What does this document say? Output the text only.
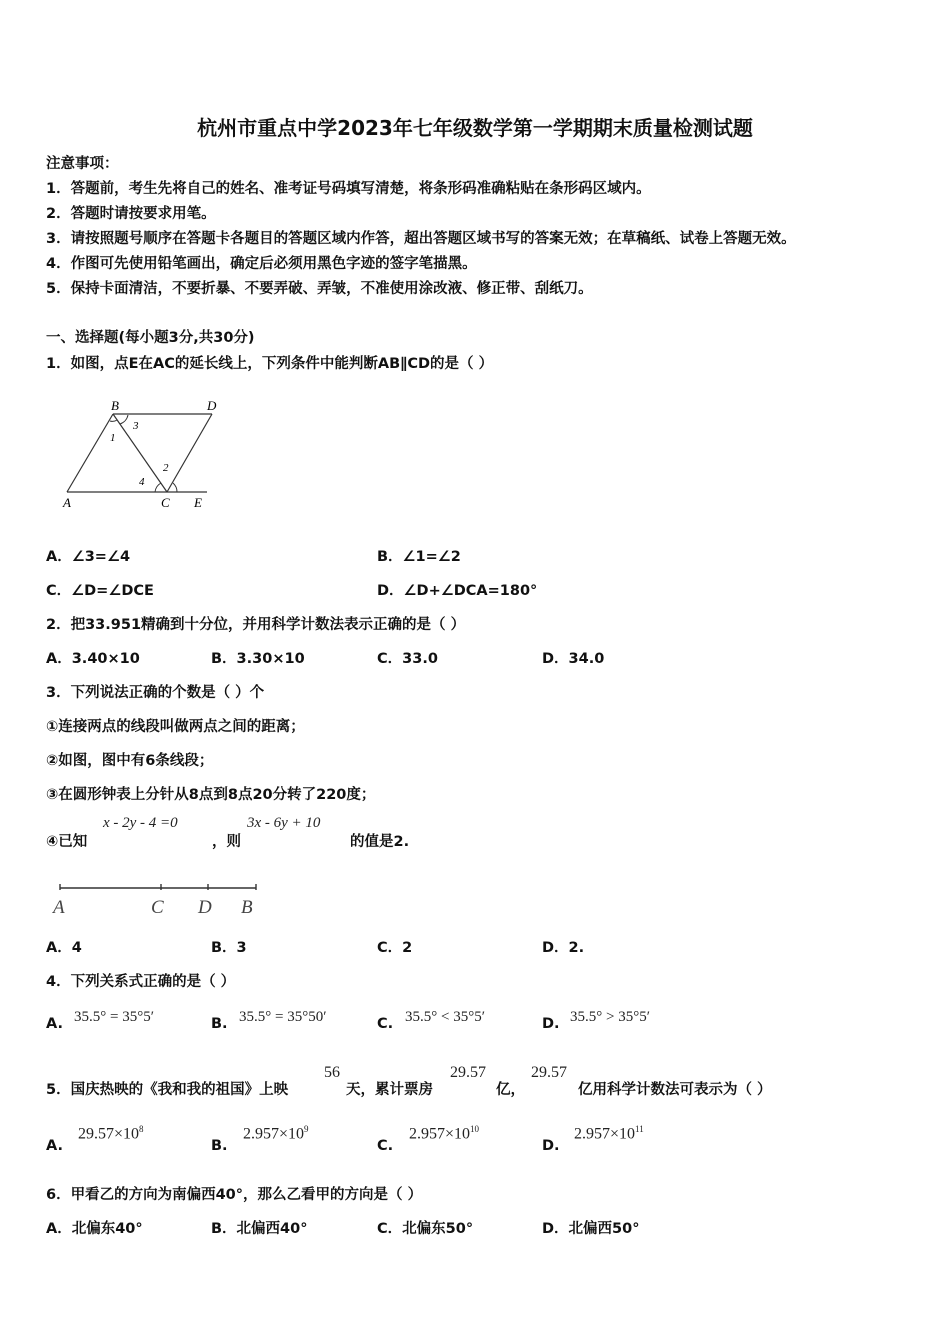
杭州市重点中学2023年七年级数学第一学期期末质量检测试题
注意事项：
1．答题前，考生先将自己的姓名、准考证号码填写清楚，将条形码准确粘贴在条形码区域内。
2．答题时请按要求用笔。
3．请按照题号顺序在答题卡各题目的答题区域内作答，超出答题区域书写的答案无效；在草稿纸、试卷上答题无效。
4．作图可先使用铅笔画出，确定后必须用黑色字迹的签字笔描黑。
5．保持卡面清洁，不要折暴、不要弄破、弄皱，不准使用涂改液、修正带、刮纸刀。
一、选择题(每小题3分,共30分)
1．如图，点E在AC的延长线上，下列条件中能判断AB∥CD的是（ ）
B	D
A	C E
1
3
2
4
A．∠3=∠4	B．∠1=∠2
C．∠D=∠DCE	D．∠D+∠DCA=180°
2．把33.951精确到十分位，并用科学计数法表示正确的是（ ）
A．3.40×10	B．3.30×10	C．33.0	D．34.0
3．下列说法正确的个数是（ ）个
①连接两点的线段叫做两点之间的距离；
②如图，图中有6条线段；
③在圆形钟表上分针从8点到8点20分转了220度；
④已知
x - 2y - 4 =0
，则
3x - 6y + 10
的值是2.
A	C D B
A．4	B．3	C．2	D．2.
4．下列关系式正确的是（ ）
A. 35.5° = 35°5′	B. 35.5° = 35°50′	C. 35.5° < 35°5′	D. 35.5° > 35°5′
5．国庆热映的《我和我的祖国》上映
56
天，累计票房
29.57
亿，
29.57
亿用科学计数法可表示为（ ）
A.
$29.57\times 10^8$
B.
$2.957\times 10^9$
C.
$2.957\times 10^{10}$
D.
$2.957\times 10^{11}$
6．甲看乙的方向为南偏西40°，那么乙看甲的方向是（ ）
A．北偏东40°	B．北偏西40°	C．北偏东50°	D．北偏西50°
